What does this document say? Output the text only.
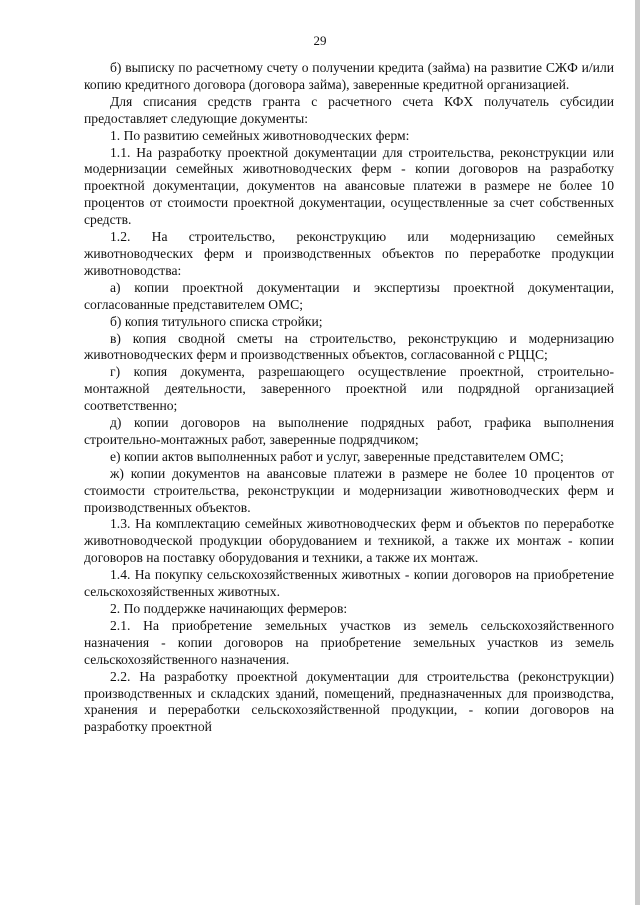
29

б) выписку по расчетному счету о получении кредита (займа) на развитие СЖФ и/или копию кредитного договора (договора займа), заверенные кредитной организацией.

Для списания средств гранта с расчетного счета КФХ получатель субсидии предоставляет следующие документы:

1. По развитию семейных животноводческих ферм:

1.1. На разработку проектной документации для строительства, реконструкции или модернизации семейных животноводческих ферм - копии договоров на разработку проектной документации, документов на авансовые платежи в размере не более 10 процентов от стоимости проектной документации, осуществленные за счет собственных средств.

1.2. На строительство, реконструкцию или модернизацию семейных животноводческих ферм и производственных объектов по переработке продукции животноводства:

а) копии проектной документации и экспертизы проектной документации, согласованные представителем ОМС;

б) копия титульного списка стройки;

в) копия сводной сметы на строительство, реконструкцию и модернизацию животноводческих ферм и производственных объектов, согласованной с РЦЦС;

г) копия документа, разрешающего осуществление проектной, строительно-монтажной деятельности, заверенного проектной или подрядной организацией соответственно;

д) копии договоров на выполнение подрядных работ, графика выполнения строительно-монтажных работ, заверенные подрядчиком;

е) копии актов выполненных работ и услуг, заверенные представителем ОМС;

ж) копии документов на авансовые платежи в размере не более 10 процентов от стоимости строительства, реконструкции и модернизации животноводческих ферм и производственных объектов.

1.3. На комплектацию семейных животноводческих ферм и объектов по переработке животноводческой продукции оборудованием и техникой, а также их монтаж - копии договоров на поставку оборудования и техники, а также их монтаж.

1.4. На покупку сельскохозяйственных животных - копии договоров на приобретение сельскохозяйственных животных.

2. По поддержке начинающих фермеров:

2.1. На приобретение земельных участков из земель сельскохозяйственного назначения - копии договоров на приобретение земельных участков из земель сельскохозяйственного назначения.

2.2. На разработку проектной документации для строительства (реконструкции) производственных и складских зданий, помещений, предназначенных для производства, хранения и переработки сельскохозяйственной продукции, - копии договоров на разработку проектной
